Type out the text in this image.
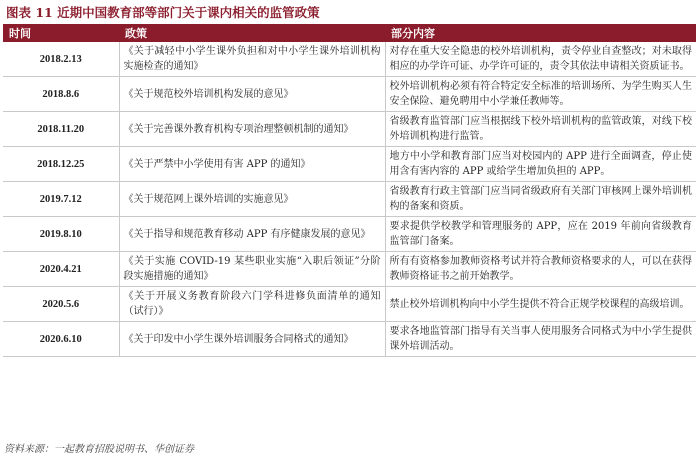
图表 11 近期中国教育部等部门关于课内相关的监管政策
时间	政策	部分内容
2018.2.13	《关于减轻中小学生课外负担和对中小学生课外培训机构实施检查的通知》	对存在重大安全隐患的校外培训机构，责令停业自查整改；对未取得相应的办学许可证、办学许可证的，责令其依法申请相关资质证书。
2018.8.6	《关于规范校外培训机构发展的意见》	校外培训机构必须有符合特定安全标准的培训场所、为学生购买人生安全保险、避免聘用中小学兼任教师等。
2018.11.20	《关于完善课外教育机构专项治理整顿机制的通知》	省级教育监管部门应当根据线下校外培训机构的监管政策，对线下校外培训机构进行监管。
2018.12.25	《关于严禁中小学使用有害 APP 的通知》	地方中小学和教育部门应当对校园内的 APP 进行全面调查，停止使用含有害内容的 APP 或给学生增加负担的 APP。
2019.7.12	《关于规范网上课外培训的实施意见》	省级教育行政主管部门应当同省级政府有关部门审核网上课外培训机构的备案和资质。
2019.8.10	《关于指导和规范教育移动 APP 有序健康发展的意见》	要求提供学校教学和管理服务的 APP，应在 2019 年前向省级教育监管部门备案。
2020.4.21	《关于实施 COVID-19 某些职业实施“入职后领证”分阶段实施措施的通知》	所有有资格参加教师资格考试并符合教师资格要求的人，可以在获得教师资格证书之前开始教学。
2020.5.6	《关于开展义务教育阶段六门学科进修负面清单的通知（试行）》	禁止校外培训机构向中小学生提供不符合正规学校课程的高级培训。
2020.6.10	《关于印发中小学生课外培训服务合同格式的通知》	要求各地监管部门指导有关当事人使用服务合同格式为中小学生提供课外培训活动。
资料来源：一起教育招股说明书、华创证券
